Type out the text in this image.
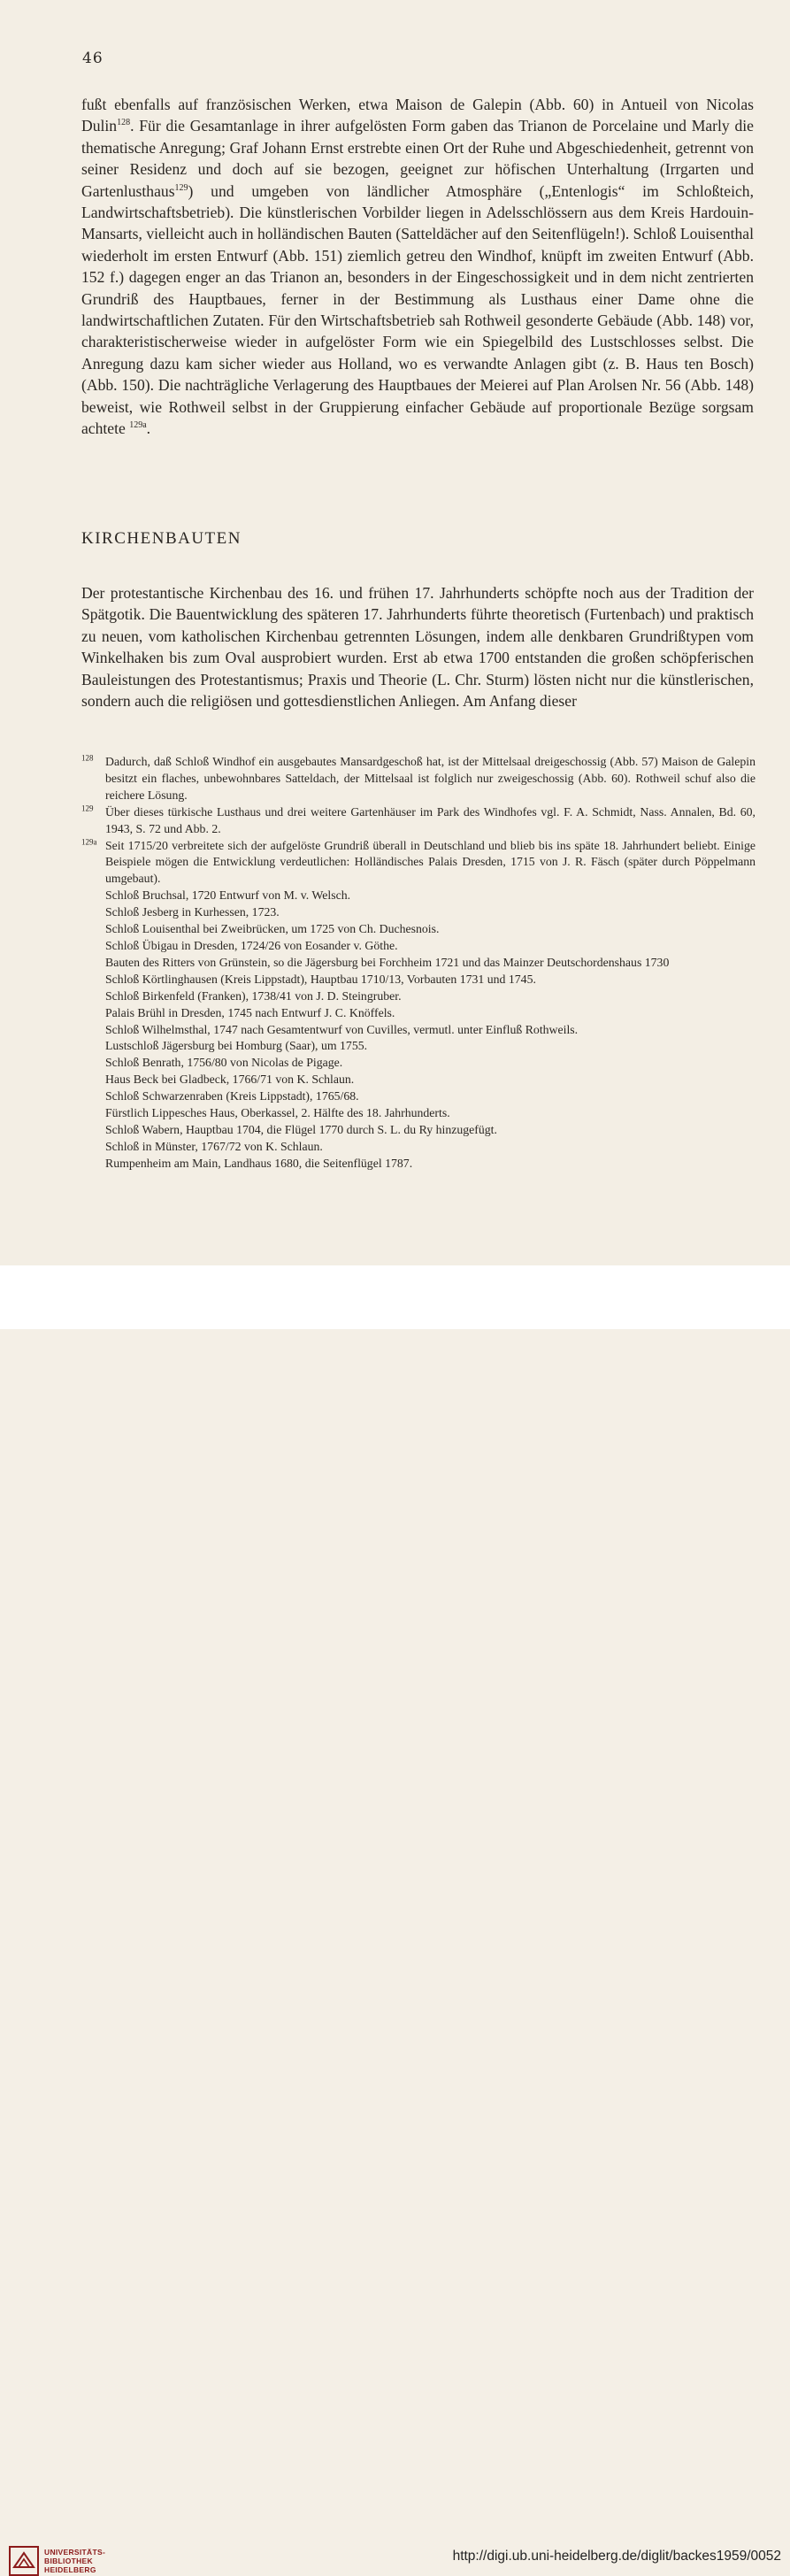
46
fußt ebenfalls auf französischen Werken, etwa Maison de Galepin (Abb. 60) in Antueil von Nicolas Dulin$^{128}$. Für die Gesamtanlage in ihrer aufgelösten Form gaben das Trianon de Porcelaine und Marly die thematische Anregung; Graf Johann Ernst erstrebte einen Ort der Ruhe und Abgeschiedenheit, getrennt von seiner Residenz und doch auf sie bezogen, geeignet zur höfischen Unterhaltung (Irrgarten und Gartenlusthaus$^{129}$) und umgeben von ländlicher Atmosphäre („Entenlogis“ im Schloßteich, Landwirtschaftsbetrieb). Die künstlerischen Vorbilder liegen in Adelsschlössern aus dem Kreis Hardouin-Mansarts, vielleicht auch in holländischen Bauten (Satteldächer auf den Seitenflügeln!). Schloß Louisenthal wiederholt im ersten Entwurf (Abb. 151) ziemlich getreu den Windhof, knüpft im zweiten Entwurf (Abb. 152 f.) dagegen enger an das Trianon an, besonders in der Eingeschossigkeit und in dem nicht zentrierten Grundriß des Hauptbaues, ferner in der Bestimmung als Lusthaus einer Dame ohne die landwirtschaftlichen Zutaten. Für den Wirtschaftsbetrieb sah Rothweil gesonderte Gebäude (Abb. 148) vor, charakteristischerweise wieder in aufgelöster Form wie ein Spiegelbild des Lustschlosses selbst. Die Anregung dazu kam sicher wieder aus Holland, wo es verwandte Anlagen gibt (z. B. Haus ten Bosch) (Abb. 150). Die nachträgliche Verlagerung des Hauptbaues der Meierei auf Plan Arolsen Nr. 56 (Abb. 148) beweist, wie Rothweil selbst in der Gruppierung einfacher Gebäude auf proportionale Bezüge sorgsam achtete $^{129a}$.
KIRCHENBAUTEN
Der protestantische Kirchenbau des 16. und frühen 17. Jahrhunderts schöpfte noch aus der Tradition der Spätgotik. Die Bauentwicklung des späteren 17. Jahrhunderts führte theoretisch (Furtenbach) und praktisch zu neuen, vom katholischen Kirchenbau getrennten Lösungen, indem alle denkbaren Grundrißtypen vom Winkelhaken bis zum Oval ausprobiert wurden. Erst ab etwa 1700 entstanden die großen schöpferischen Bauleistungen des Protestantismus; Praxis und Theorie (L. Chr. Sturm) lösten nicht nur die künstlerischen, sondern auch die religiösen und gottesdienstlichen Anliegen. Am Anfang dieser
$^{128}$ Dadurch, daß Schloß Windhof ein ausgebautes Mansardgeschoß hat, ist der Mittelsaal dreigeschossig (Abb. 57) Maison de Galepin besitzt ein flaches, unbewohnbares Satteldach, der Mittelsaal ist folglich nur zweigeschossig (Abb. 60). Rothweil schuf also die reichere Lösung.
$^{129}$ Über dieses türkische Lusthaus und drei weitere Gartenhäuser im Park des Windhofes vgl. F. A. Schmidt, Nass. Annalen, Bd. 60, 1943, S. 72 und Abb. 2.
$^{129a}$ Seit 1715/20 verbreitete sich der aufgelöste Grundriß überall in Deutschland und blieb bis ins späte 18. Jahrhundert beliebt. Einige Beispiele mögen die Entwicklung verdeutlichen: Holländisches Palais Dresden, 1715 von J. R. Fäsch (später durch Pöppelmann umgebaut).
Schloß Bruchsal, 1720 Entwurf von M. v. Welsch.
Schloß Jesberg in Kurhessen, 1723.
Schloß Louisenthal bei Zweibrücken, um 1725 von Ch. Duchesnois.
Schloß Übigau in Dresden, 1724/26 von Eosander v. Göthe.
Bauten des Ritters von Grünstein, so die Jägersburg bei Forchheim 1721 und das Mainzer Deutschordenshaus 1730
Schloß Körtlinghausen (Kreis Lippstadt), Hauptbau 1710/13, Vorbauten 1731 und 1745.
Schloß Birkenfeld (Franken), 1738/41 von J. D. Steingruber.
Palais Brühl in Dresden, 1745 nach Entwurf J. C. Knöffels.
Schloß Wilhelmsthal, 1747 nach Gesamtentwurf von Cuvilles, vermutl. unter Einfluß Rothweils.
Lustschloß Jägersburg bei Homburg (Saar), um 1755.
Schloß Benrath, 1756/80 von Nicolas de Pigage.
Haus Beck bei Gladbeck, 1766/71 von K. Schlaun.
Schloß Schwarzenraben (Kreis Lippstadt), 1765/68.
Fürstlich Lippesches Haus, Oberkassel, 2. Hälfte des 18. Jahrhunderts.
Schloß Wabern, Hauptbau 1704, die Flügel 1770 durch S. L. du Ry hinzugefügt.
Schloß in Münster, 1767/72 von K. Schlaun.
Rumpenheim am Main, Landhaus 1680, die Seitenflügel 1787.
UNIVERSITÄTS-
BIBLIOTHEK
HEIDELBERG
http://digi.ub.uni-heidelberg.de/diglit/backes1959/0052
